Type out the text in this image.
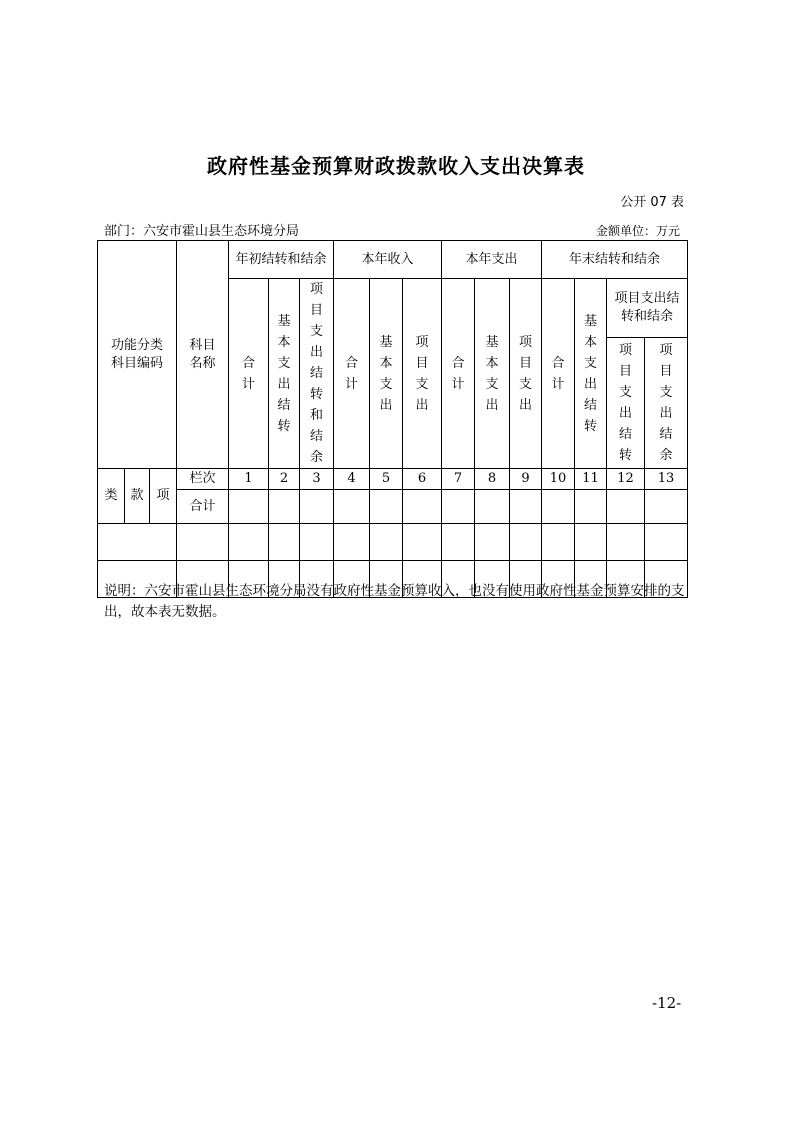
政府性基金预算财政拨款收入支出决算表
公开 07 表
部门：六安市霍山县生态环境分局	金额单位：万元
功能分类科目编码	科目名称	年初结转和结余			本年收入			本年支出			年末结转和结余			

		合计	基本支出结转	项目支出结转和结余	合计	基本支出	项目支出	合计	基本支出	项目支出	合计	基本支出结转	项目支出结转和结余	

													项目支出结转	项目支出结余

类 款 项	栏次	1	2	3	4	5	6	7	8	9	10	11	12	13
	合计													

说明：六安市霍山县生态环境分局没有政府性基金预算收入，也没有使用政府性基金预算安排的支出，故本表无数据。
-12-
